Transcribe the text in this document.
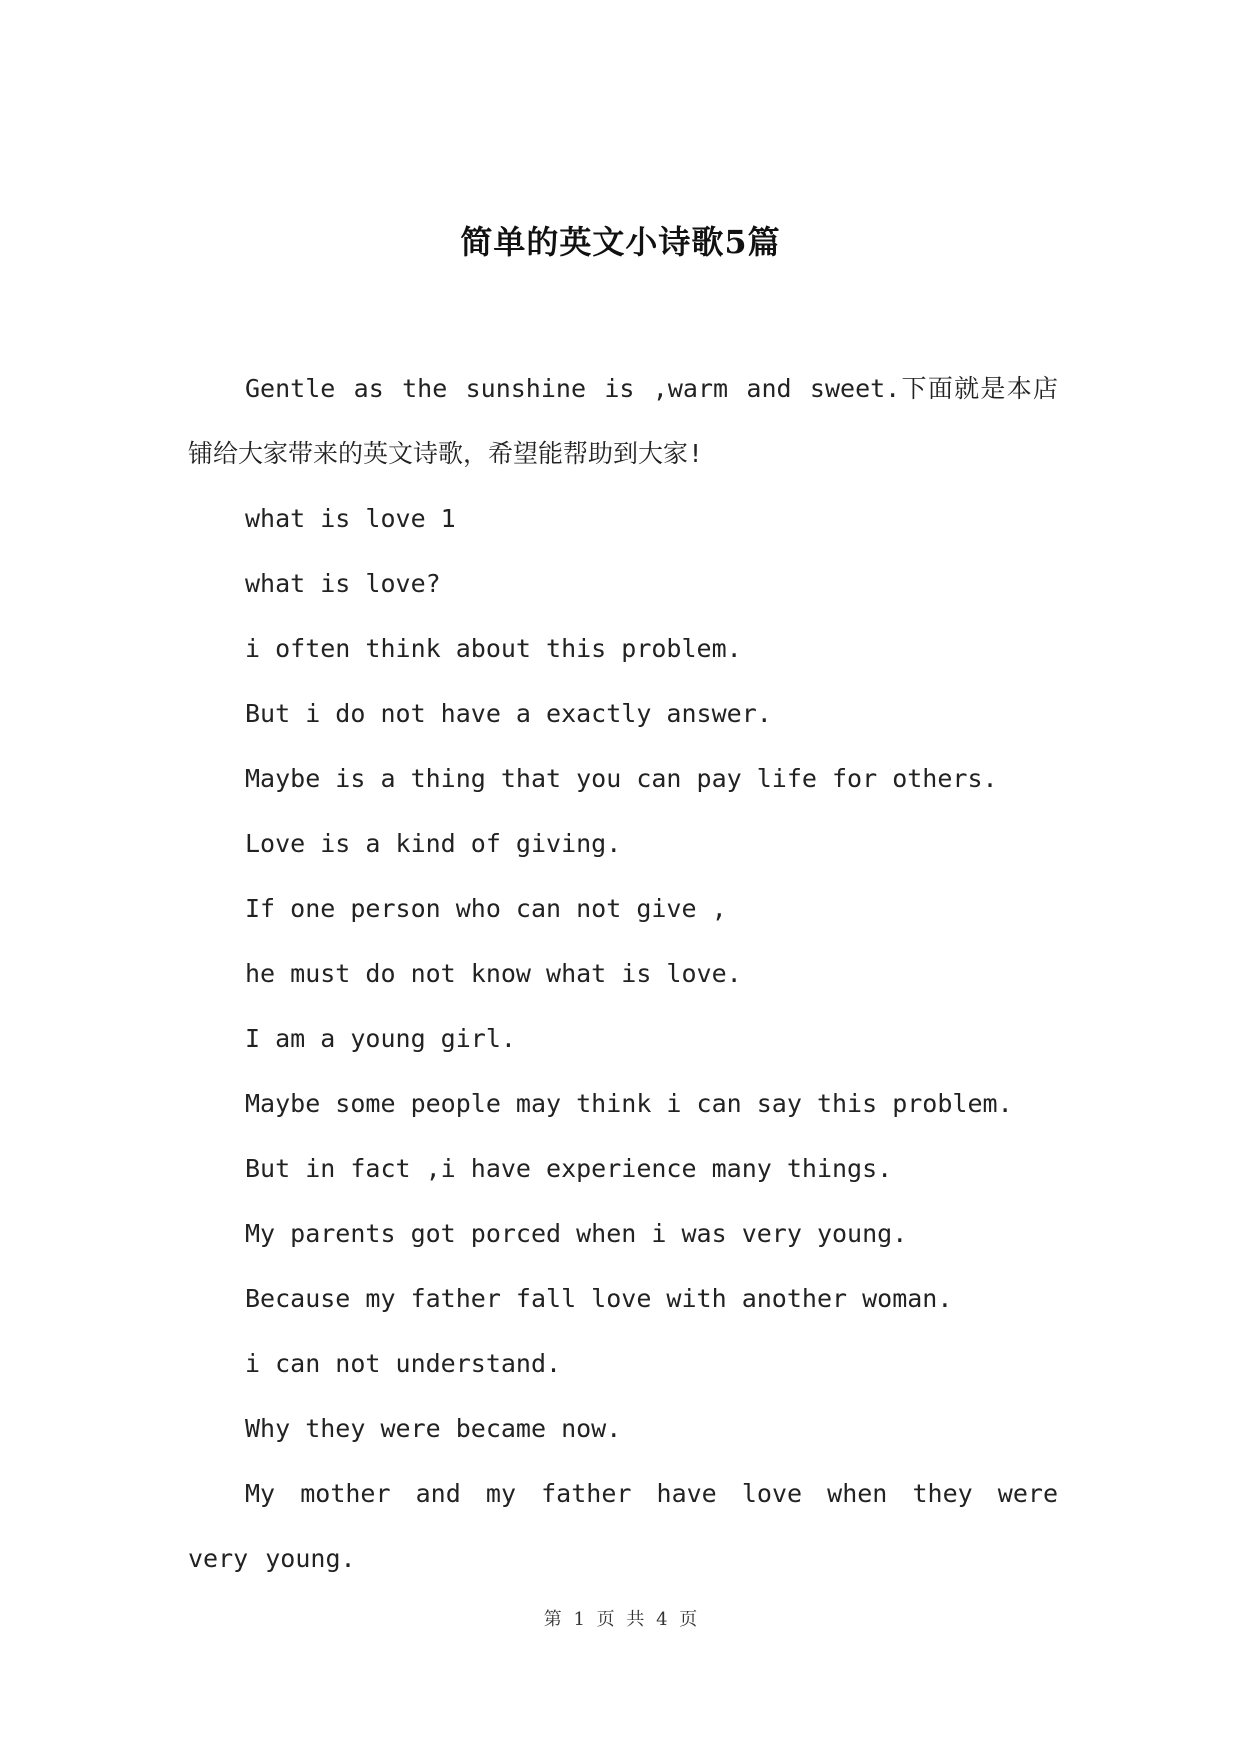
简单的英文小诗歌5篇

Gentle as the sunshine is ,warm and sweet.下面就是本店铺给大家带来的英文诗歌，希望能帮助到大家!

what is love 1

what is love?

i often think about this problem.

But i do not have a exactly answer.

Maybe is a thing that you can pay life for others.

Love is a kind of giving.

If one person who can not give ,

he must do not know what is love.

I am a young girl.

Maybe some people may think i can say this problem.

But in fact ,i have experience many things.

My parents got porced when i was very young.

Because my father fall love with another woman.

i can not understand.

Why they were became now.

My mother and my father have love when they were very young.

第 1 页 共 4 页
